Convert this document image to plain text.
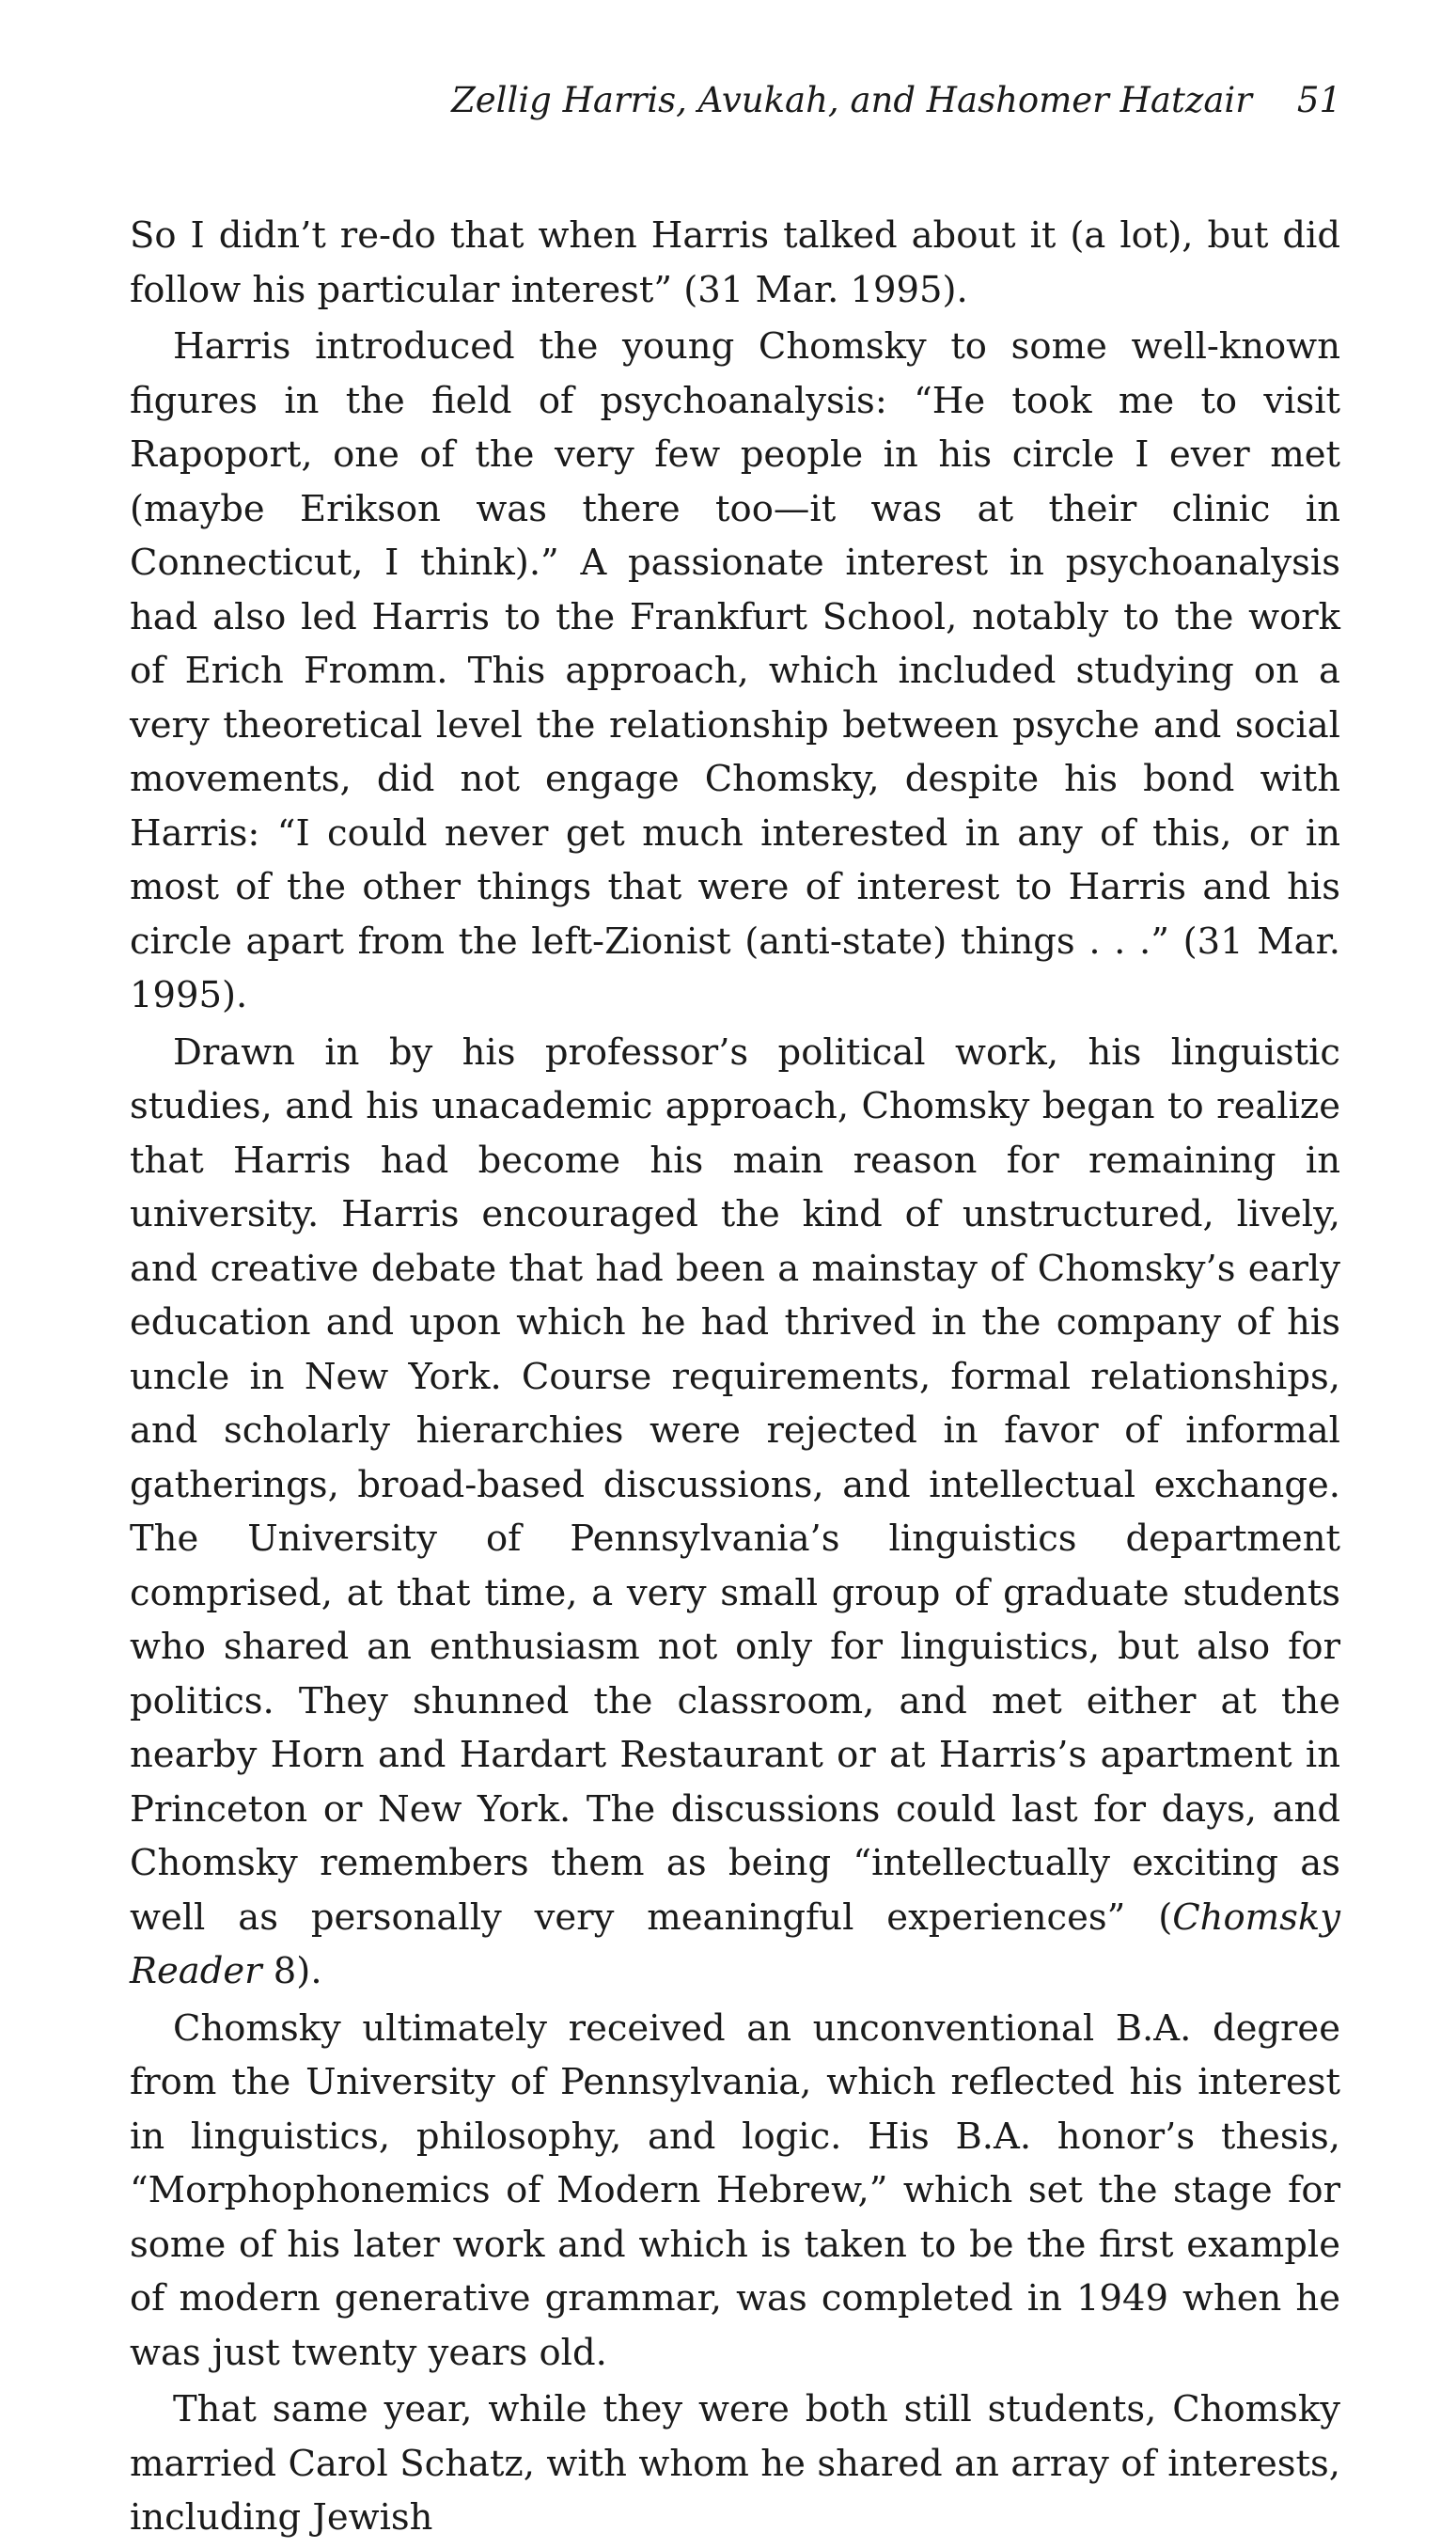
Zellig Harris, Avukah, and Hashomer Hatzair 51

So I didn’t re-do that when Harris talked about it (a lot), but did follow his particular interest” (31 Mar. 1995).

Harris introduced the young Chomsky to some well-known figures in the field of psychoanalysis: “He took me to visit Rapoport, one of the very few people in his circle I ever met (maybe Erikson was there too—it was at their clinic in Connecticut, I think).” A passionate interest in psychoanalysis had also led Harris to the Frankfurt School, notably to the work of Erich Fromm. This approach, which included studying on a very theoretical level the relationship between psyche and social movements, did not engage Chomsky, despite his bond with Harris: “I could never get much interested in any of this, or in most of the other things that were of interest to Harris and his circle apart from the left-Zionist (anti-state) things . . .” (31 Mar. 1995).

Drawn in by his professor’s political work, his linguistic studies, and his unacademic approach, Chomsky began to realize that Harris had become his main reason for remaining in university. Harris encouraged the kind of unstructured, lively, and creative debate that had been a mainstay of Chomsky’s early education and upon which he had thrived in the company of his uncle in New York. Course requirements, formal relationships, and scholarly hierarchies were rejected in favor of informal gatherings, broad-based discussions, and intellectual exchange. The University of Pennsylvania’s linguistics department comprised, at that time, a very small group of graduate students who shared an enthusiasm not only for linguistics, but also for politics. They shunned the classroom, and met either at the nearby Horn and Hardart Restaurant or at Harris’s apartment in Princeton or New York. The discussions could last for days, and Chomsky remembers them as being “intellectually exciting as well as personally very meaningful experiences” (Chomsky Reader 8).

Chomsky ultimately received an unconventional B.A. degree from the University of Pennsylvania, which reflected his interest in linguistics, philosophy, and logic. His B.A. honor’s thesis, “Morphophonemics of Modern Hebrew,” which set the stage for some of his later work and which is taken to be the first example of modern generative grammar, was completed in 1949 when he was just twenty years old.

That same year, while they were both still students, Chomsky married Carol Schatz, with whom he shared an array of interests, including Jewish
